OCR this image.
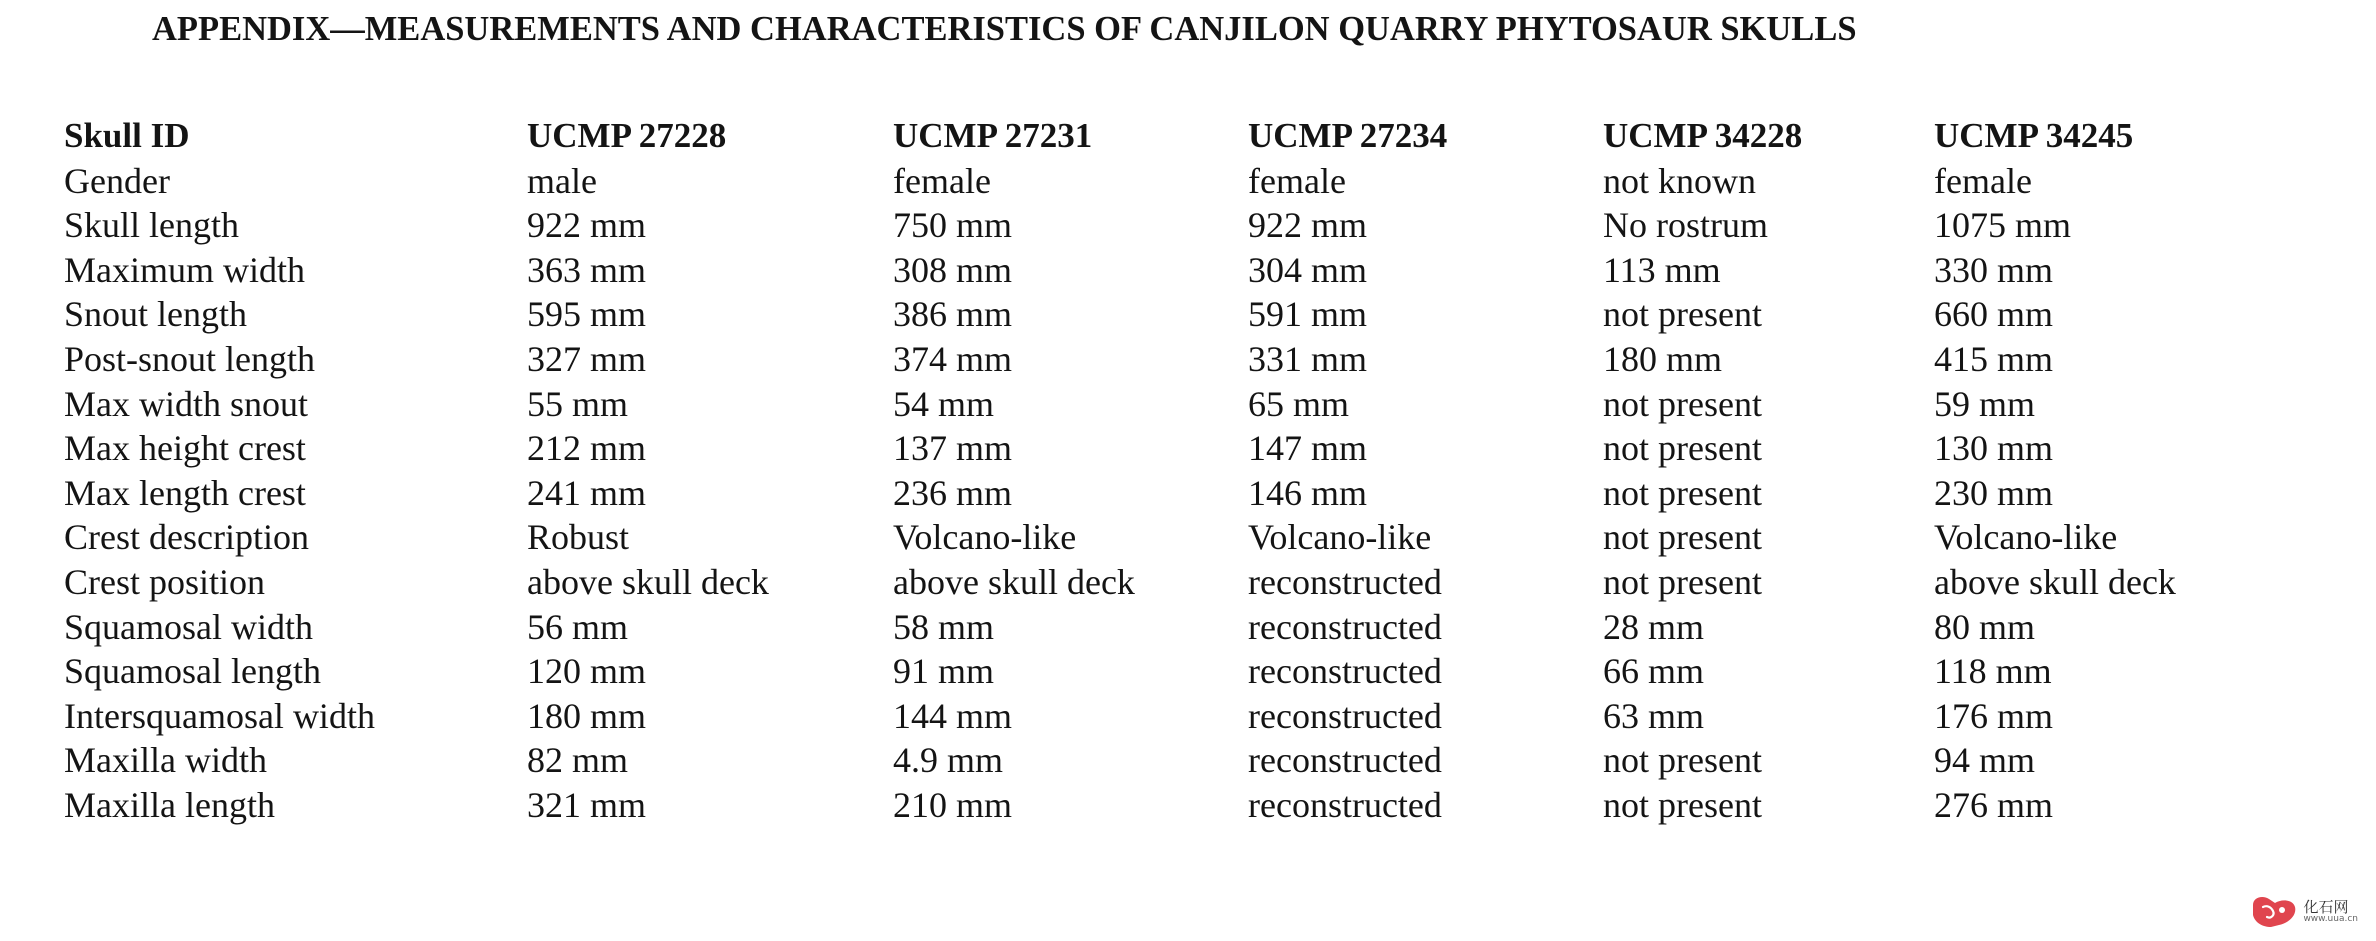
APPENDIX—MEASUREMENTS AND CHARACTERISTICS OF CANJILON QUARRY PHYTOSAUR SKULLS
Skull ID	UCMP 27228	UCMP 27231	UCMP 27234	UCMP 34228	UCMP 34245
Gender	male	female	female	not known	female
Skull length	922 mm	750 mm	922 mm	No rostrum	1075 mm
Maximum width	363 mm	308 mm	304 mm	113 mm	330 mm
Snout length	595 mm	386 mm	591 mm	not present	660 mm
Post-snout length	327 mm	374 mm	331 mm	180 mm	415 mm
Max width snout	55 mm	54 mm	65 mm	not present	59 mm
Max height crest	212 mm	137 mm	147 mm	not present	130 mm
Max length crest	241 mm	236 mm	146 mm	not present	230 mm
Crest description	Robust	Volcano-like	Volcano-like	not present	Volcano-like
Crest position	above skull deck	above skull deck	reconstructed	not present	above skull deck
Squamosal width	56 mm	58 mm	reconstructed	28 mm	80 mm
Squamosal length	120 mm	91 mm	reconstructed	66 mm	118 mm
Intersquamosal width	180 mm	144 mm	reconstructed	63 mm	176 mm
Maxilla width	82 mm	4.9 mm	reconstructed	not present	94 mm
Maxilla length	321 mm	210 mm	reconstructed	not present	276 mm
化石网
www.uua.cn
